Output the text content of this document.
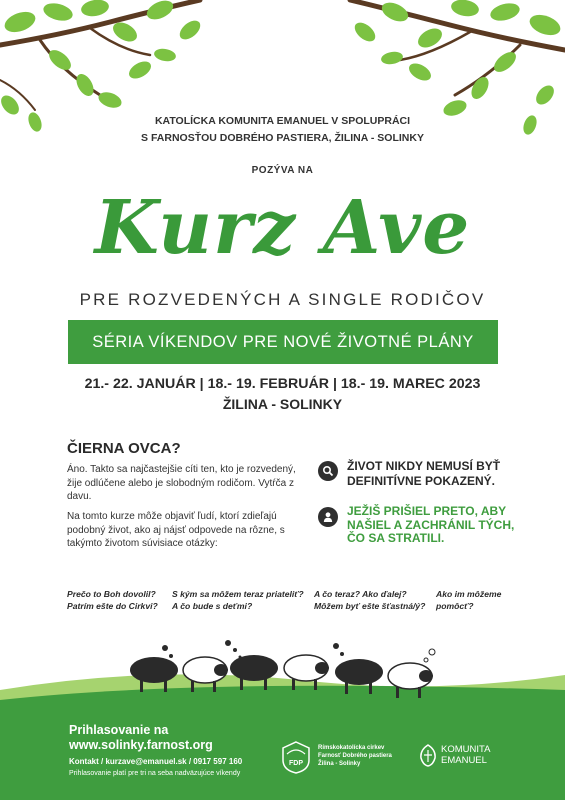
KATOLÍCKA KOMUNITA EMANUEL V SPOLUPRÁCI
S FARNOSŤOU DOBRÉHO PASTIERA, ŽILINA - SOLINKY
POZÝVA NA
Kurz Ave
PRE ROZVEDENÝCH A SINGLE RODIČOV
SÉRIA VÍKENDOV PRE NOVÉ ŽIVOTNÉ PLÁNY
21.- 22. JANUÁR | 18.- 19. FEBRUÁR | 18.- 19. MAREC 2023
ŽILINA - SOLINKY
ČIERNA OVCA?
Áno. Takto sa najčastejšie cíti ten, kto je rozvedený, žije odlúčene alebo je slobodným rodičom. Vytŕča z davu.
Na tomto kurze môže objaviť ľudí, ktorí zdieľajú podobný život, ako aj nájsť odpovede na rôzne, s takýmto životom súvisiace otázky:
ŽIVOT NIKDY NEMUSÍ BYŤ DEFINITÍVNE POKAZENÝ.
JEŽIŠ PRIŠIEL PRETO, ABY NAŠIEL A ZACHRÁNIL TÝCH, ČO SA STRATILI.
Prečo to Boh dovolil?
Patrím ešte do Cirkvi?
S kým sa môžem teraz priateliť?
A čo bude s deťmi?
A čo teraz? Ako ďalej?
Môžem byť ešte šťastná/ý?
Ako im môžeme
pomôcť?
Prihlasovanie na
www.solinky.farnost.org
Kontakt / kurzave@emanuel.sk / 0917 597 160
Prihlasovanie platí pre tri na seba nadväzujúce víkendy
FDP
Rímskokatolícka cirkev
Farnosť Dobrého pastiera
Žilina - Solinky
KOMUNITA
EMANUEL
